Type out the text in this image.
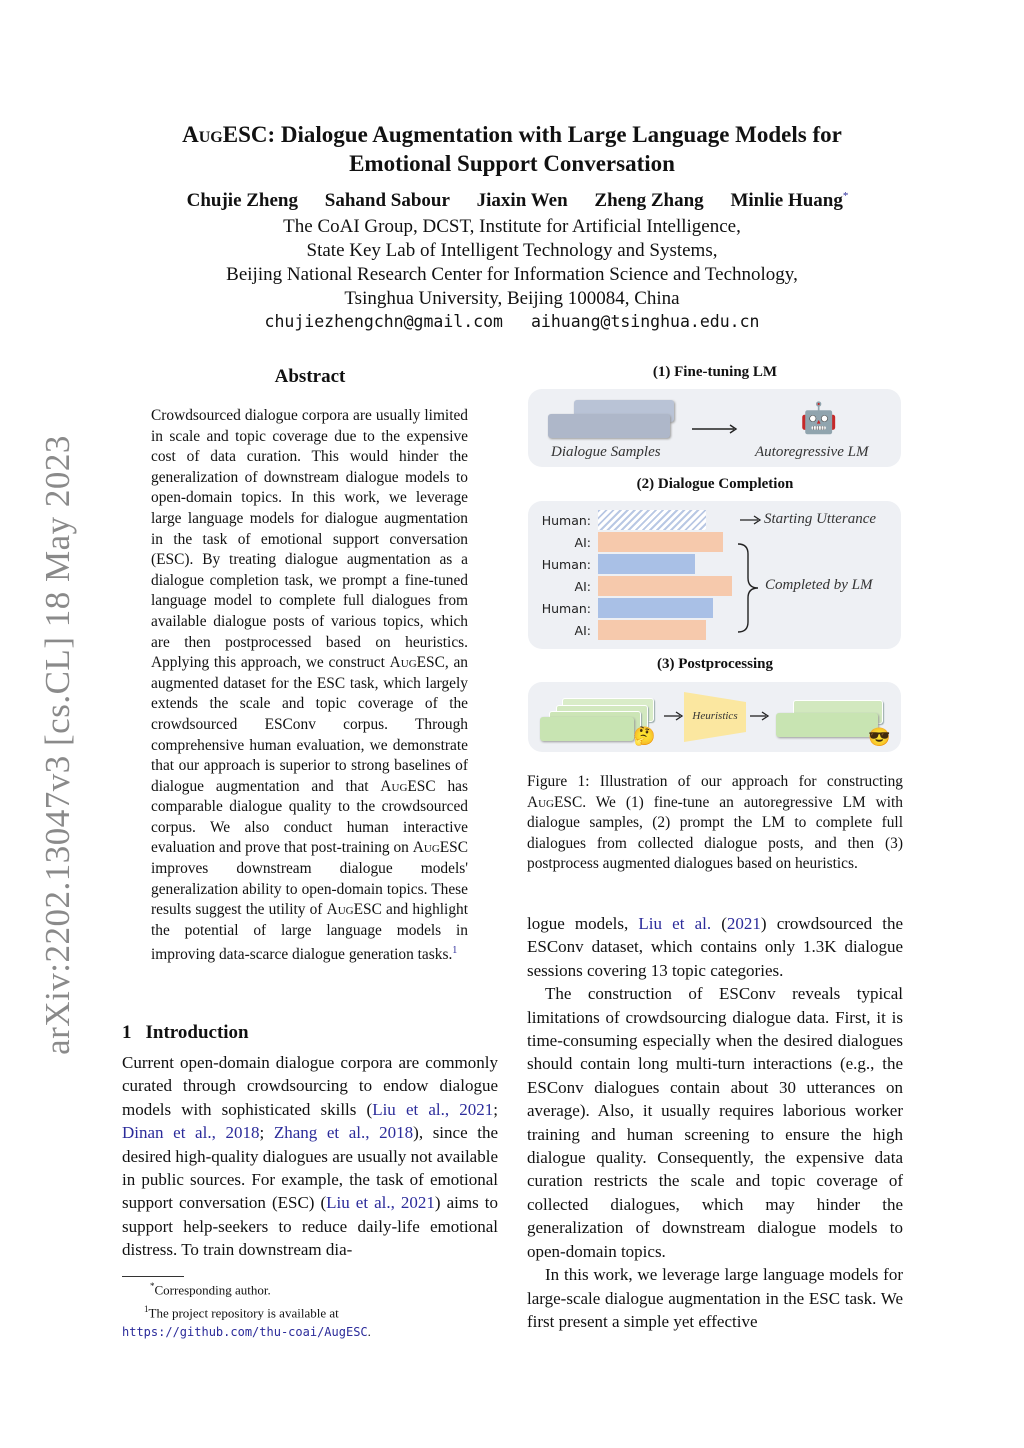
AugESC: Dialogue Augmentation with Large Language Models for
Emotional Support Conversation
Chujie Zheng Sahand Sabour Jiaxin Wen Zheng Zhang Minlie Huang*
The CoAI Group, DCST, Institute for Artificial Intelligence,
State Key Lab of Intelligent Technology and Systems,
Beijing National Research Center for Information Science and Technology,
Tsinghua University, Beijing 100084, China
chujiezhengchn@gmail.com aihuang@tsinghua.edu.cn
arXiv:2202.13047v3 [cs.CL] 18 May 2023
Abstract
Crowdsourced dialogue corpora are usually limited in scale and topic coverage due to the expensive cost of data curation. This would hinder the generalization of downstream dialogue models to open-domain topics. In this work, we leverage large language models for dialogue augmentation in the task of emotional support conversation (ESC). By treating dialogue augmentation as a dialogue completion task, we prompt a fine-tuned language model to complete full dialogues from available dialogue posts of various topics, which are then postprocessed based on heuristics. Applying this approach, we construct AugESC, an augmented dataset for the ESC task, which largely extends the scale and topic coverage of the crowdsourced ESConv corpus. Through comprehensive human evaluation, we demonstrate that our approach is superior to strong baselines of dialogue augmentation and that AugESC has comparable dialogue quality to the crowdsourced corpus. We also conduct human interactive evaluation and prove that post-training on AugESC improves downstream dialogue models' generalization ability to open-domain topics. These results suggest the utility of AugESC and highlight the potential of large language models in improving data-scarce dialogue generation tasks.$^1$
1 Introduction
Current open-domain dialogue corpora are commonly curated through crowdsourcing to endow dialogue models with sophisticated skills (Liu et al., 2021; Dinan et al., 2018; Zhang et al., 2018), since the desired high-quality dialogues are usually not available in public sources. For example, the task of emotional support conversation (ESC) (Liu et al., 2021) aims to support help-seekers to reduce daily-life emotional distress. To train downstream dia-

*Corresponding author.

$^1$The project repository is available at https://github.com/thu-coai/AugESC.

(1) Fine-tuning LM
🤖
Dialogue Samples	Autoregressive LM
(2) Dialogue Completion
Human:
AI:
Human:
AI:
Human:
AI:
Starting Utterance
Completed by LM
(3) Postprocessing
🤔
Heuristics
😎
Figure 1: Illustration of our approach for constructing AugESC. We (1) fine-tune an autoregressive LM with dialogue samples, (2) prompt the LM to complete full dialogues from collected dialogue posts, and then (3) postprocess augmented dialogues based on heuristics.

logue models, Liu et al. (2021) crowdsourced the ESConv dataset, which contains only 1.3K dialogue sessions covering 13 topic categories.

The construction of ESConv reveals typical limitations of crowdsourcing dialogue data. First, it is time-consuming especially when the desired dialogues should contain long multi-turn interactions (e.g., the ESConv dialogues contain about 30 utterances on average). Also, it usually requires laborious worker training and human screening to ensure the high dialogue quality. Consequently, the expensive data curation restricts the scale and topic coverage of collected dialogues, which may hinder the generalization of downstream dialogue models to open-domain topics.

In this work, we leverage large language models for large-scale dialogue augmentation in the ESC task. We first present a simple yet effective
